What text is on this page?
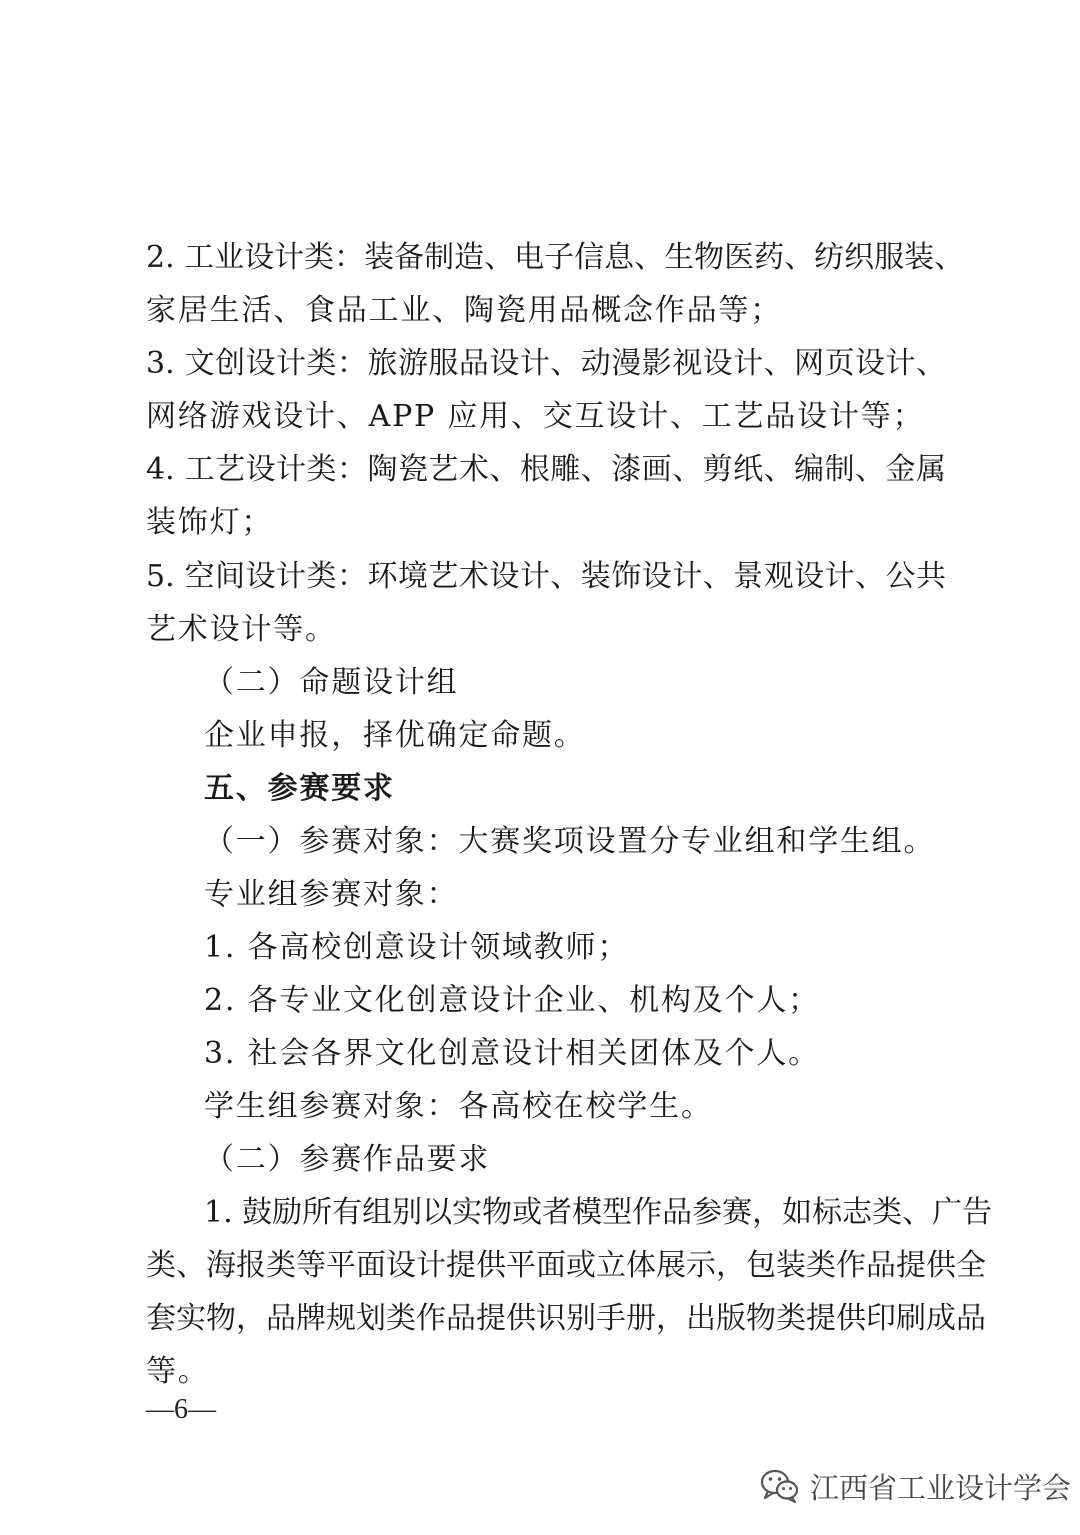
2. 工业设计类：装备制造、电子信息、生物医药、纺织服装、
家居生活、食品工业、陶瓷用品概念作品等；
3. 文创设计类：旅游服品设计、动漫影视设计、网页设计、
网络游戏设计、APP 应用、交互设计、工艺品设计等；
4. 工艺设计类：陶瓷艺术、根雕、漆画、剪纸、编制、金属
装饰灯；
5. 空间设计类：环境艺术设计、装饰设计、景观设计、公共
艺术设计等。
（二）命题设计组
企业申报，择优确定命题。
五、参赛要求
（一）参赛对象：大赛奖项设置分专业组和学生组。
专业组参赛对象：
1. 各高校创意设计领域教师；
2. 各专业文化创意设计企业、机构及个人；
3. 社会各界文化创意设计相关团体及个人。
学生组参赛对象：各高校在校学生。
（二）参赛作品要求
1. 鼓励所有组别以实物或者模型作品参赛，如标志类、广告
类、海报类等平面设计提供平面或立体展示，包装类作品提供全
套实物，品牌规划类作品提供识别手册，出版物类提供印刷成品
等。
—6—
江西省工业设计学会
